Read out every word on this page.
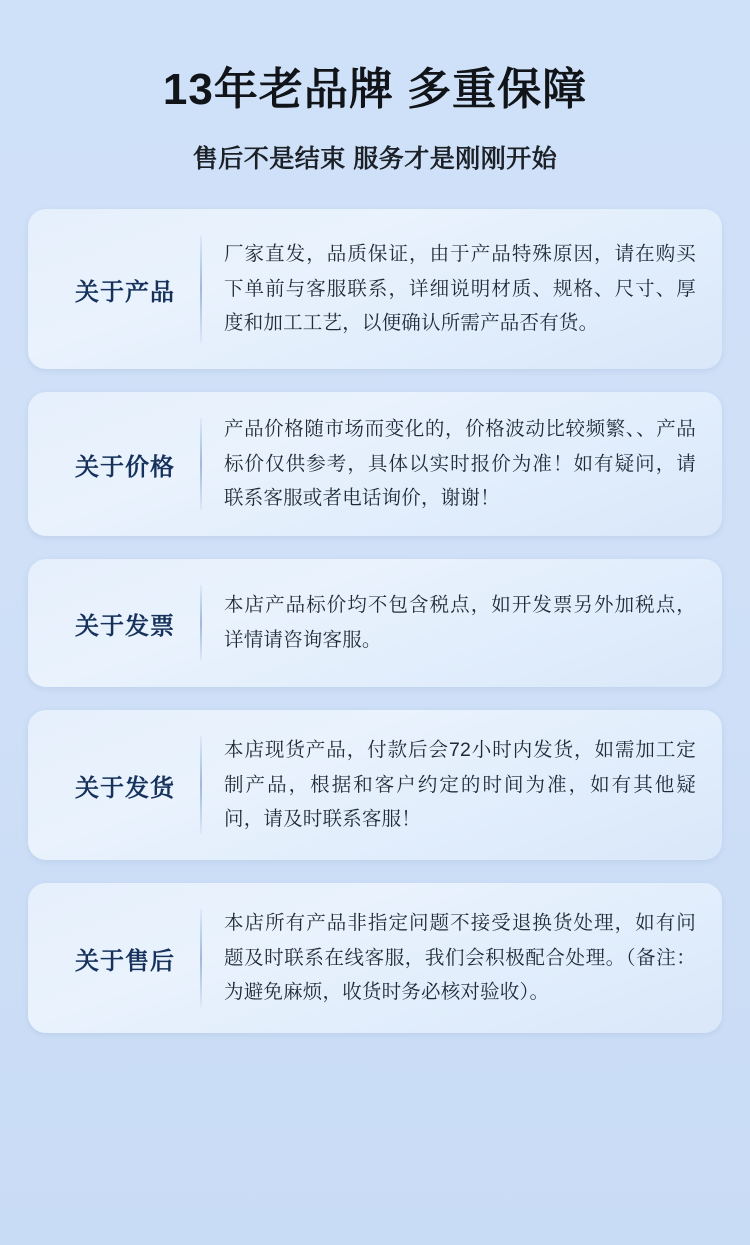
13年老品牌 多重保障

售后不是结束 服务才是刚刚开始

关于产品
厂家直发，品质保证，由于产品特殊原因，请在购买下单前与客服联系，详细说明材质、规格、尺寸、厚度和加工工艺，以便确认所需产品否有货。
关于价格
产品价格随市场而变化的，价格波动比较频繁、、产品标价仅供参考，具体以实时报价为准！如有疑问，请联系客服或者电话询价，谢谢！
关于发票
本店产品标价均不包含税点，如开发票另外加税点，详情请咨询客服。
关于发货
本店现货产品，付款后会72小时内发货，如需加工定制产品，根据和客户约定的时间为准，如有其他疑问，请及时联系客服！
关于售后
本店所有产品非指定问题不接受退换货处理，如有问题及时联系在线客服，我们会积极配合处理。（备注：为避免麻烦，收货时务必核对验收）。
